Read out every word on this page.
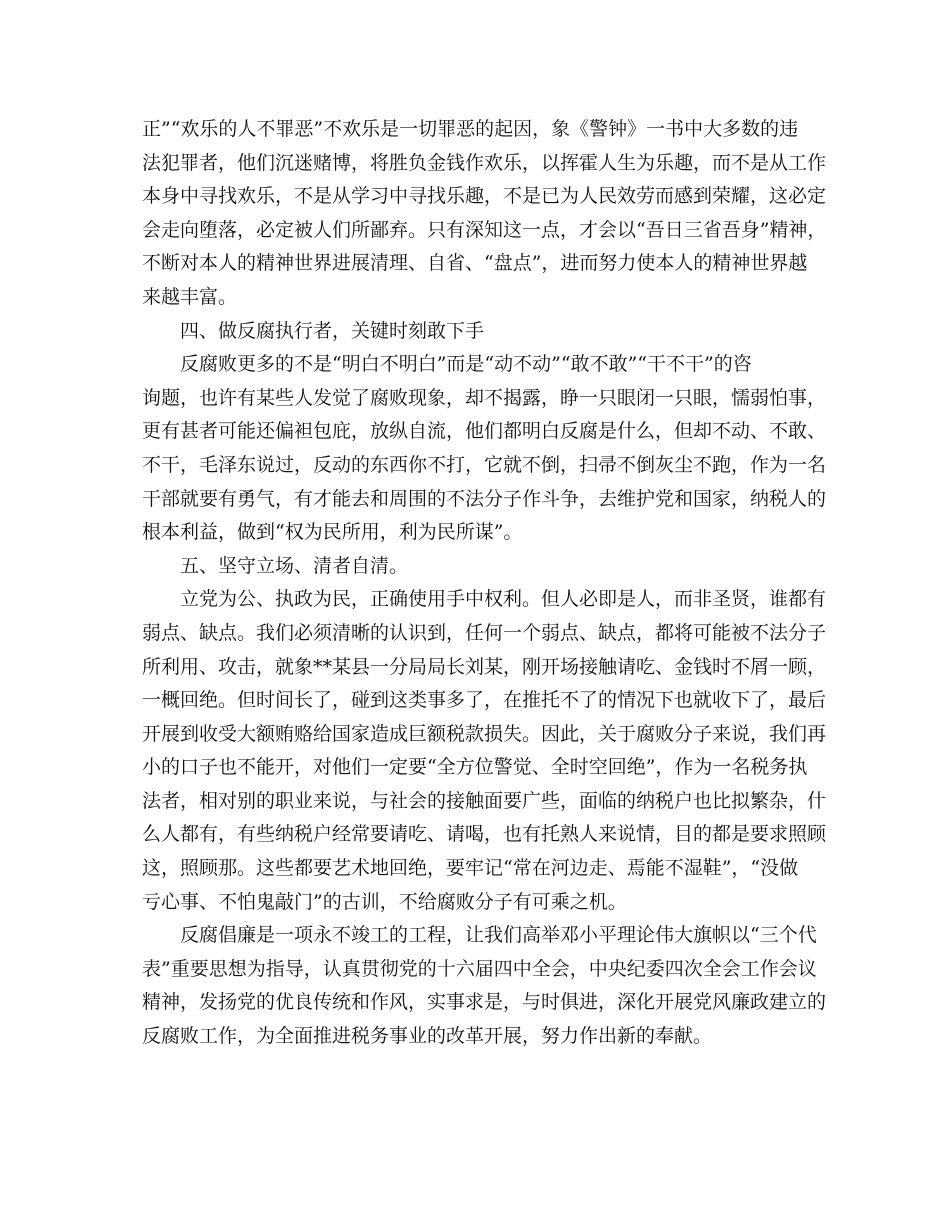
正”“欢乐的人不罪恶”不欢乐是一切罪恶的起因，象《警钟》一书中大多数的违
法犯罪者，他们沉迷赌博，将胜负金钱作欢乐，以挥霍人生为乐趣，而不是从工作
本身中寻找欢乐，不是从学习中寻找乐趣，不是已为人民效劳而感到荣耀，这必定
会走向堕落，必定被人们所鄙弃。只有深知这一点，才会以“吾日三省吾身”精神，
不断对本人的精神世界进展清理、自省、“盘点”，进而努力使本人的精神世界越
来越丰富。

四、做反腐执行者，关键时刻敢下手

反腐败更多的不是“明白不明白”而是“动不动”“敢不敢”“干不干”的咨
询题，也许有某些人发觉了腐败现象，却不揭露，睁一只眼闭一只眼，懦弱怕事，
更有甚者可能还偏袒包庇，放纵自流，他们都明白反腐是什么，但却不动、不敢、
不干，毛泽东说过，反动的东西你不打，它就不倒，扫帚不倒灰尘不跑，作为一名
干部就要有勇气，有才能去和周围的不法分子作斗争，去维护党和国家，纳税人的
根本利益，做到“权为民所用，利为民所谋”。

五、坚守立场、清者自清。

立党为公、执政为民，正确使用手中权利。但人必即是人，而非圣贤，谁都有
弱点、缺点。我们必须清晰的认识到，任何一个弱点、缺点，都将可能被不法分子
所利用、攻击，就象**某县一分局局长刘某，刚开场接触请吃、金钱时不屑一顾，
一概回绝。但时间长了，碰到这类事多了，在推托不了的情况下也就收下了，最后
开展到收受大额贿赂给国家造成巨额税款损失。因此，关于腐败分子来说，我们再
小的口子也不能开，对他们一定要“全方位警觉、全时空回绝”，作为一名税务执
法者，相对别的职业来说，与社会的接触面要广些，面临的纳税户也比拟繁杂，什
么人都有，有些纳税户经常要请吃、请喝，也有托熟人来说情，目的都是要求照顾
这，照顾那。这些都要艺术地回绝，要牢记“常在河边走、焉能不湿鞋”，“没做
亏心事、不怕鬼敲门”的古训，不给腐败分子有可乘之机。

反腐倡廉是一项永不竣工的工程，让我们高举邓小平理论伟大旗帜以“三个代
表”重要思想为指导，认真贯彻党的十六届四中全会，中央纪委四次全会工作会议
精神，发扬党的优良传统和作风，实事求是，与时俱进，深化开展党风廉政建立的
反腐败工作，为全面推进税务事业的改革开展，努力作出新的奉献。
